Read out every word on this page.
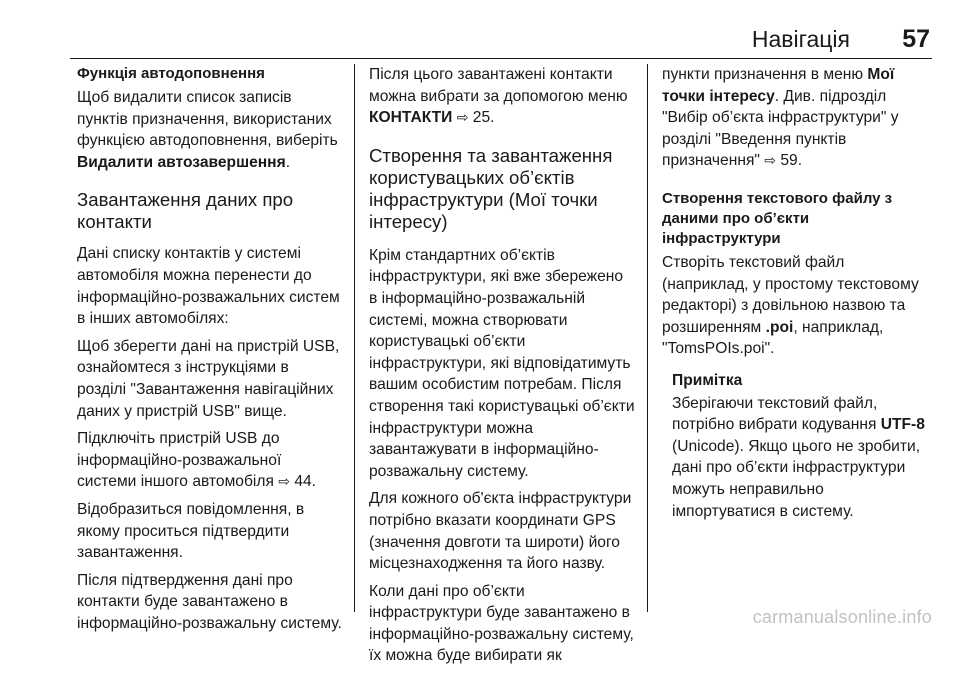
Навігація 57
Функція автодоповнення

Щоб видалити список записів пунктів призначення, використаних функцією автодоповнення, виберіть Видалити автозавершення.

Завантаження даних про контакти

Дані списку контактів у системі автомобіля можна перенести до інформаційно-розважальних систем в інших автомобілях:

Щоб зберегти дані на пристрій USB, ознайомтеся з інструкціями в розділі "Завантаження навігаційних даних у пристрій USB" вище.

Підключіть пристрій USB до інформаційно-розважальної системи іншого автомобіля ⇨ 44.

Відобразиться повідомлення, в якому проситься підтвердити завантаження.

Після підтвердження дані про контакти буде завантажено в інформаційно-розважальну систему.

Після цього завантажені контакти можна вибрати за допомогою меню КОНТАКТИ ⇨ 25.

Створення та завантаження користувацьких об’єктів інфраструктури (Мої точки інтересу)

Крім стандартних об’єктів інфраструктури, які вже збережено в інформаційно-розважальній системі, можна створювати користувацькі об’єкти інфраструктури, які відповідатимуть вашим особистим потребам. Після створення такі користувацькі об’єкти інфраструктури можна завантажувати в інформаційно-розважальну систему.

Для кожного об'єкта інфраструктури потрібно вказати координати GPS (значення довготи та широти) його місцезнаходження та його назву.

Коли дані про об’єкти інфраструктури буде завантажено в інформаційно-розважальну систему, їх можна буде вибирати як

пункти призначення в меню Мої точки інтересу. Див. підрозділ "Вибір об’єкта інфраструктури" у розділі "Введення пунктів призначення" ⇨ 59.

Створення текстового файлу з даними про об’єкти інфраструктури

Створіть текстовий файл (наприклад, у простому текстовому редакторі) з довільною назвою та розширенням .poi, наприклад, "TomsPOIs.poi".

Примітка

Зберігаючи текстовий файл, потрібно вибрати кодування UTF-8 (Unicode). Якщо цього не зробити, дані про об’єкти інфраструктури можуть неправильно імпортуватися в систему.

carmanualsonline.info
